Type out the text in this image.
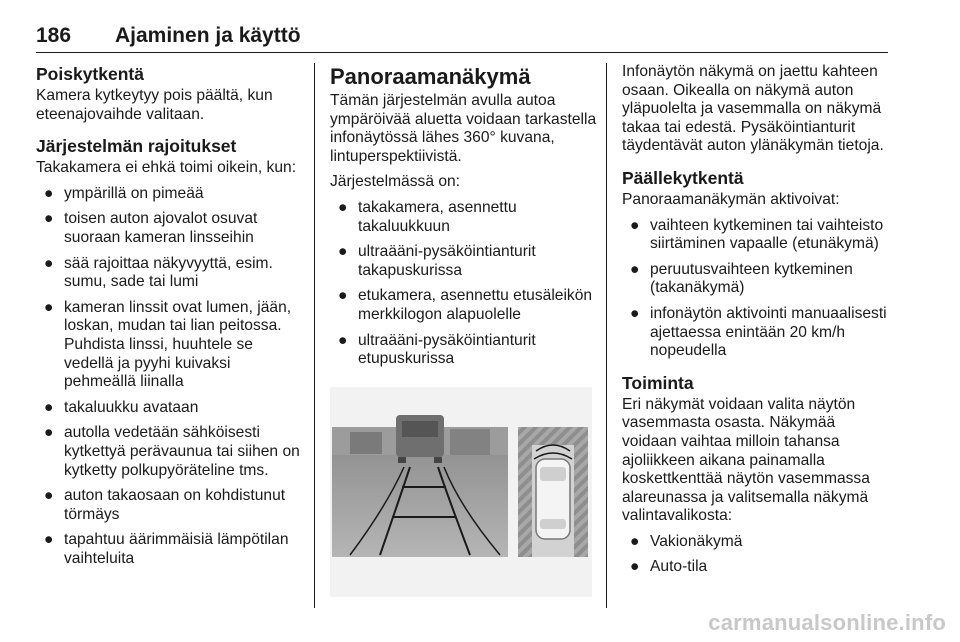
186 Ajaminen ja käyttö
Poiskytkentä

Kamera kytkeytyy pois päältä, kun eteenajovaihde valitaan.

Järjestelmän rajoitukset

Takakamera ei ehkä toimi oikein, kun:

● ympärillä on pimeää
● toisen auton ajovalot osuvat suoraan kameran linsseihin
● sää rajoittaa näkyvyyttä, esim. sumu, sade tai lumi
● kameran linssit ovat lumen, jään, loskan, mudan tai lian peitossa. Puhdista linssi, huuhtele se vedellä ja pyyhi kuivaksi pehmeällä liinalla
● takaluukku avataan
● autolla vedetään sähköisesti kytkettyä perävaunua tai siihen on kytketty polkupyöräteline tms.
● auton takaosaan on kohdistunut törmäys
● tapahtuu äärimmäisiä lämpötilan vaihteluita
Panoraamanäkymä

Tämän järjestelmän avulla autoa ympäröivää aluetta voidaan tarkastella infonäytössä lähes 360° kuvana, lintuperspektiivistä.

Järjestelmässä on:

● takakamera, asennettu takaluukkuun
● ultraääni-pysäköintianturit takapuskurissa
● etukamera, asennettu etusäleikön merkkilogon alapuolelle
● ultraääni-pysäköintianturit etupuskurissa

Infonäytön näkymä on jaettu kahteen osaan. Oikealla on näkymä auton yläpuolelta ja vasemmalla on näkymä takaa tai edestä. Pysäköintianturit täydentävät auton ylänäkymän tietoja.

Päällekytkentä

Panoraamanäkymän aktivoivat:

● vaihteen kytkeminen tai vaihteisto siirtäminen vapaalle (etunäkymä)
● peruutusvaihteen kytkeminen (takanäkymä)
● infonäytön aktivointi manuaalisesti ajettaessa enintään 20 km/h nopeudella
Toiminta

Eri näkymät voidaan valita näytön vasemmasta osasta. Näkymää voidaan vaihtaa milloin tahansa ajoliikkeen aikana painamalla koskettkenttää näytön vasemmassa alareunassa ja valitsemalla näkymä valintavalikosta:

● Vakionäkymä
● Auto-tila
carmanualsonline.info
